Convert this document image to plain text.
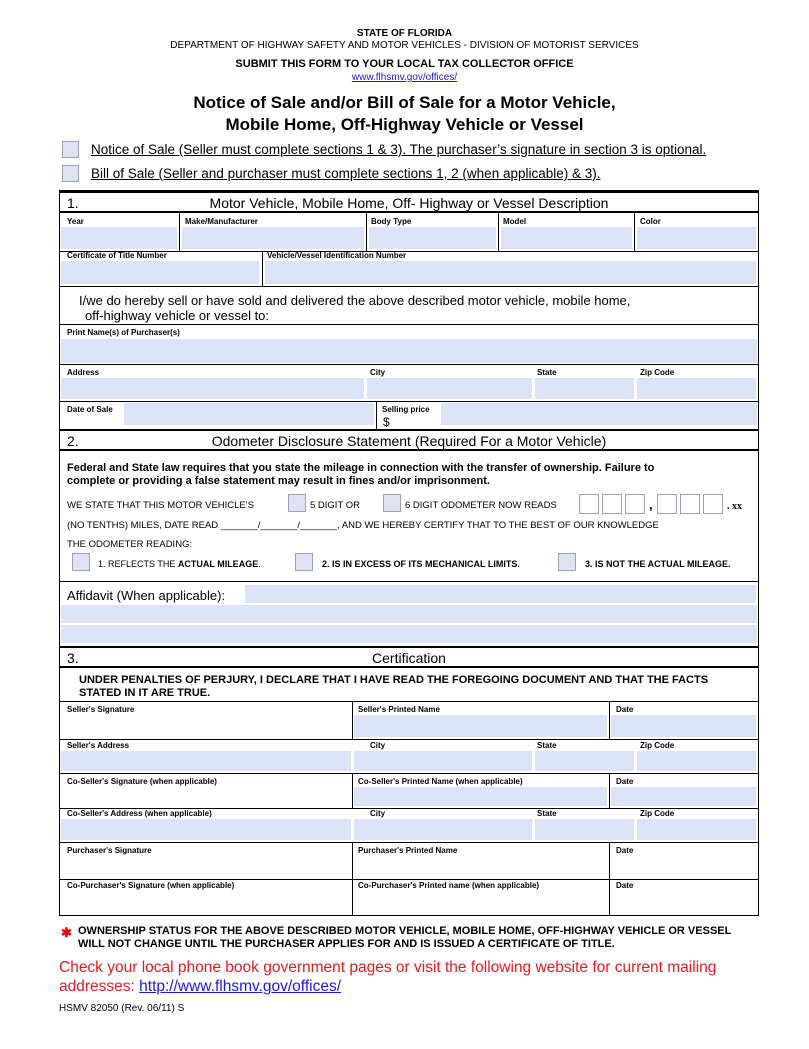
STATE OF FLORIDA
DEPARTMENT OF HIGHWAY SAFETY AND MOTOR VEHICLES - DIVISION OF MOTORIST SERVICES
SUBMIT THIS FORM TO YOUR LOCAL TAX COLLECTOR OFFICE
www.flhsmv.gov/offices/
Notice of Sale and/or Bill of Sale for a Motor Vehicle,
Mobile Home, Off-Highway Vehicle or Vessel
Notice of Sale (Seller must complete sections 1 & 3). The purchaser’s signature in section 3 is optional.
Bill of Sale (Seller and purchaser must complete sections 1, 2 (when applicable) & 3).
1.	Motor Vehicle, Mobile Home, Off- Highway or Vessel Description
Year	Make/Manufacturer	Body Type	Model	Color
Certificate of Title Number	Vehicle/Vessel Identification Number
I/we do hereby sell or have sold and delivered the above described motor vehicle, mobile home,
off-highway vehicle or vessel to:
Print Name(s) of Purchaser(s)
Address	City	State	Zip Code
Date of Sale	Selling price
$
2.	Odometer Disclosure Statement (Required For a Motor Vehicle)
Federal and State law requires that you state the mileage in connection with the transfer of ownership. Failure to
complete or providing a false statement may result in fines and/or imprisonment.
WE STATE THAT THIS MOTOR VEHICLE'S	5 DIGIT OR	6 DIGIT ODOMETER NOW READS	,	. xx
(NO TENTHS) MILES, DATE READ _______/_______/_______, AND WE HEREBY CERTIFY THAT TO THE BEST OF OUR KNOWLEDGE
THE ODOMETER READING:
1. REFLECTS THE ACTUAL MILEAGE.	2. IS IN EXCESS OF ITS MECHANICAL LIMITS.	3. IS NOT THE ACTUAL MILEAGE.
Affidavit (When applicable):
3.	Certification
UNDER PENALTIES OF PERJURY, I DECLARE THAT I HAVE READ THE FOREGOING DOCUMENT AND THAT THE FACTS
STATED IN IT ARE TRUE.
Seller's Signature	Seller's Printed Name	Date
Seller's Address	City	State	Zip Code
Co-Seller's Signature (when applicable)	Co-Seller's Printed Name (when applicable)	Date
Co-Seller's Address (when applicable)	City	State	Zip Code
Purchaser's Signature	Purchaser's Printed Name	Date
Co-Purchaser's Signature (when applicable)	Co-Purchaser's Printed name (when applicable)	Date
✱ OWNERSHIP STATUS FOR THE ABOVE DESCRIBED MOTOR VEHICLE, MOBILE HOME, OFF-HIGHWAY VEHICLE OR VESSEL
WILL NOT CHANGE UNTIL THE PURCHASER APPLIES FOR AND IS ISSUED A CERTIFICATE OF TITLE.
Check your local phone book government pages or visit the following website for current mailing addresses: http://www.flhsmv.gov/offices/
HSMV 82050 (Rev. 06/11) S
